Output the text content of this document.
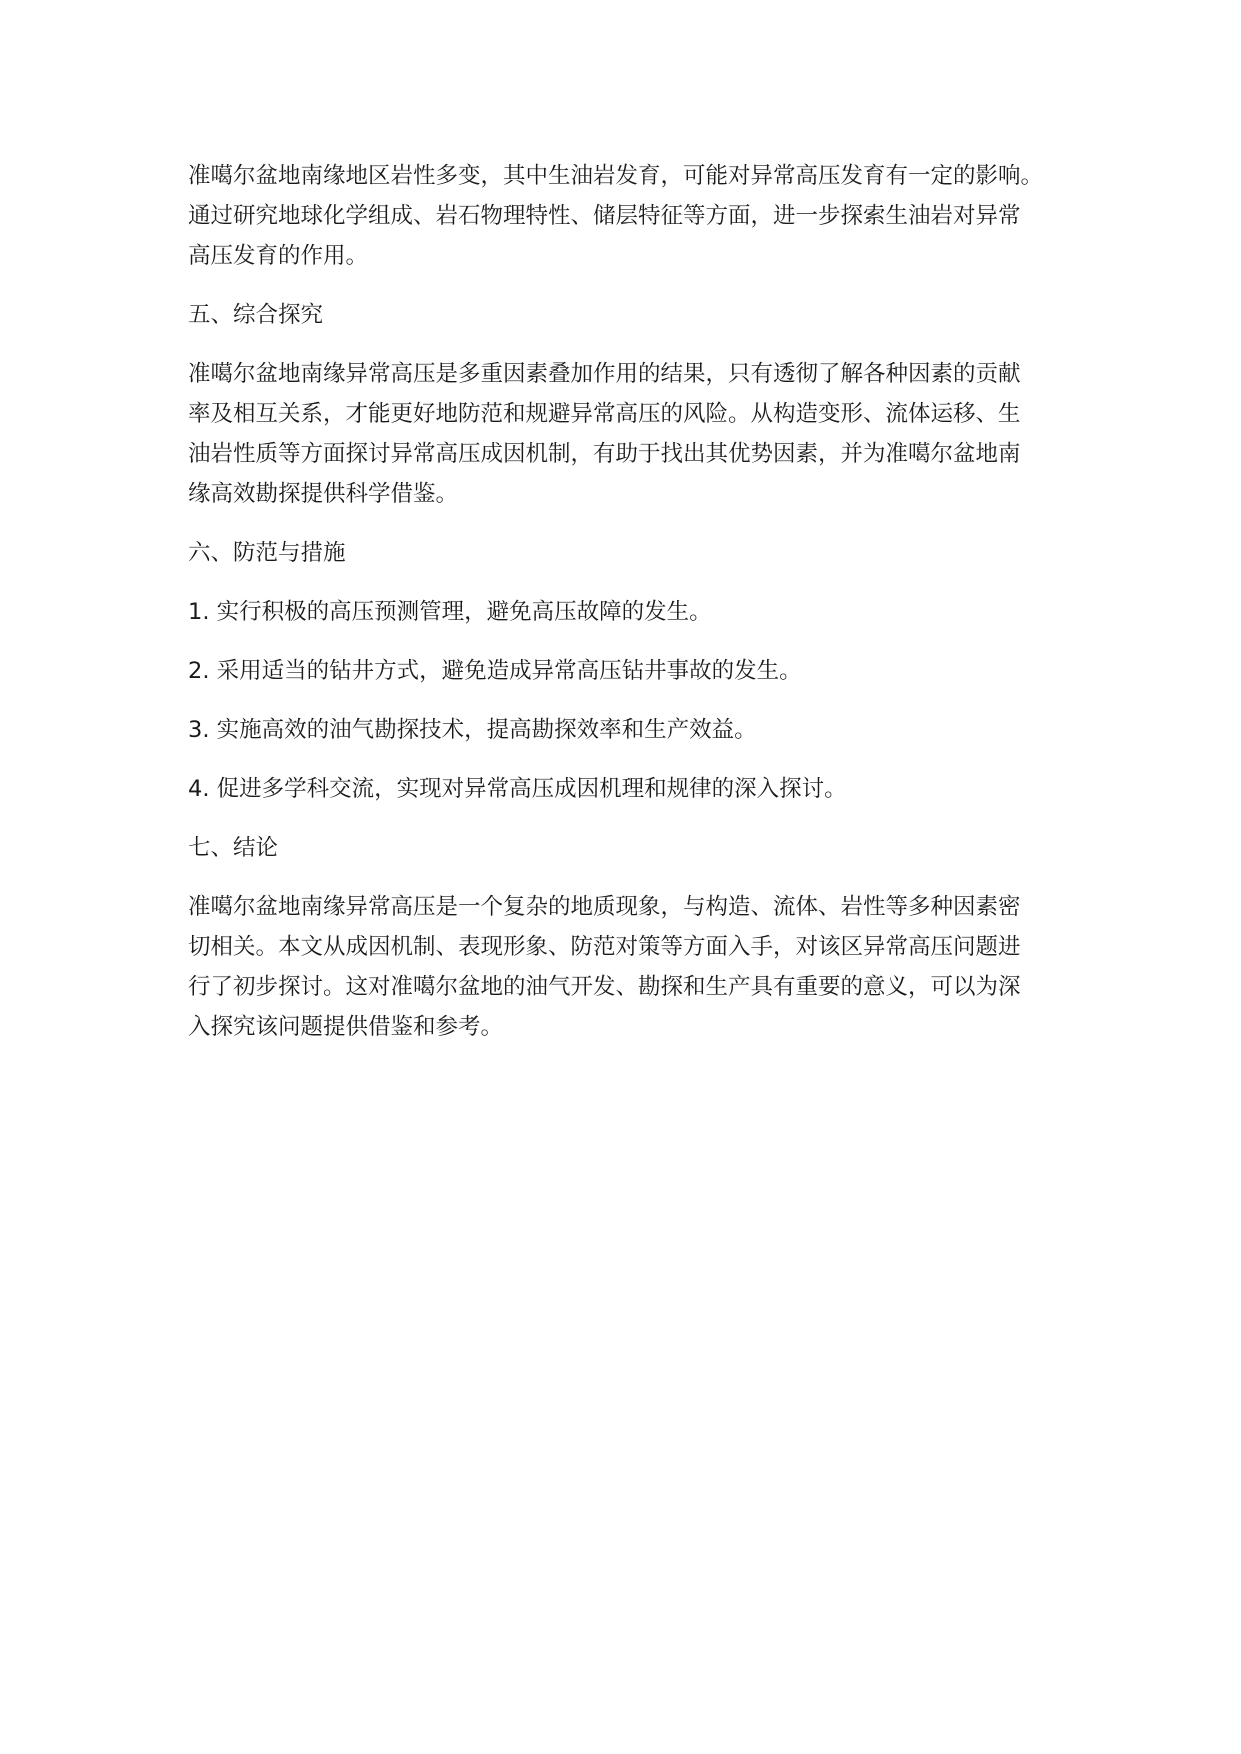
准噶尔盆地南缘地区岩性多变，其中生油岩发育，可能对异常高压发育有一定的影响。
通过研究地球化学组成、岩石物理特性、储层特征等方面，进一步探索生油岩对异常
高压发育的作用。
五、综合探究
准噶尔盆地南缘异常高压是多重因素叠加作用的结果，只有透彻了解各种因素的贡献
率及相互关系，才能更好地防范和规避异常高压的风险。从构造变形、流体运移、生
油岩性质等方面探讨异常高压成因机制，有助于找出其优势因素，并为准噶尔盆地南
缘高效勘探提供科学借鉴。
六、防范与措施
1. 实行积极的高压预测管理，避免高压故障的发生。
2. 采用适当的钻井方式，避免造成异常高压钻井事故的发生。
3. 实施高效的油气勘探技术，提高勘探效率和生产效益。
4. 促进多学科交流，实现对异常高压成因机理和规律的深入探讨。
七、结论
准噶尔盆地南缘异常高压是一个复杂的地质现象，与构造、流体、岩性等多种因素密
切相关。本文从成因机制、表现形象、防范对策等方面入手，对该区异常高压问题进
行了初步探讨。这对准噶尔盆地的油气开发、勘探和生产具有重要的意义，可以为深
入探究该问题提供借鉴和参考。
